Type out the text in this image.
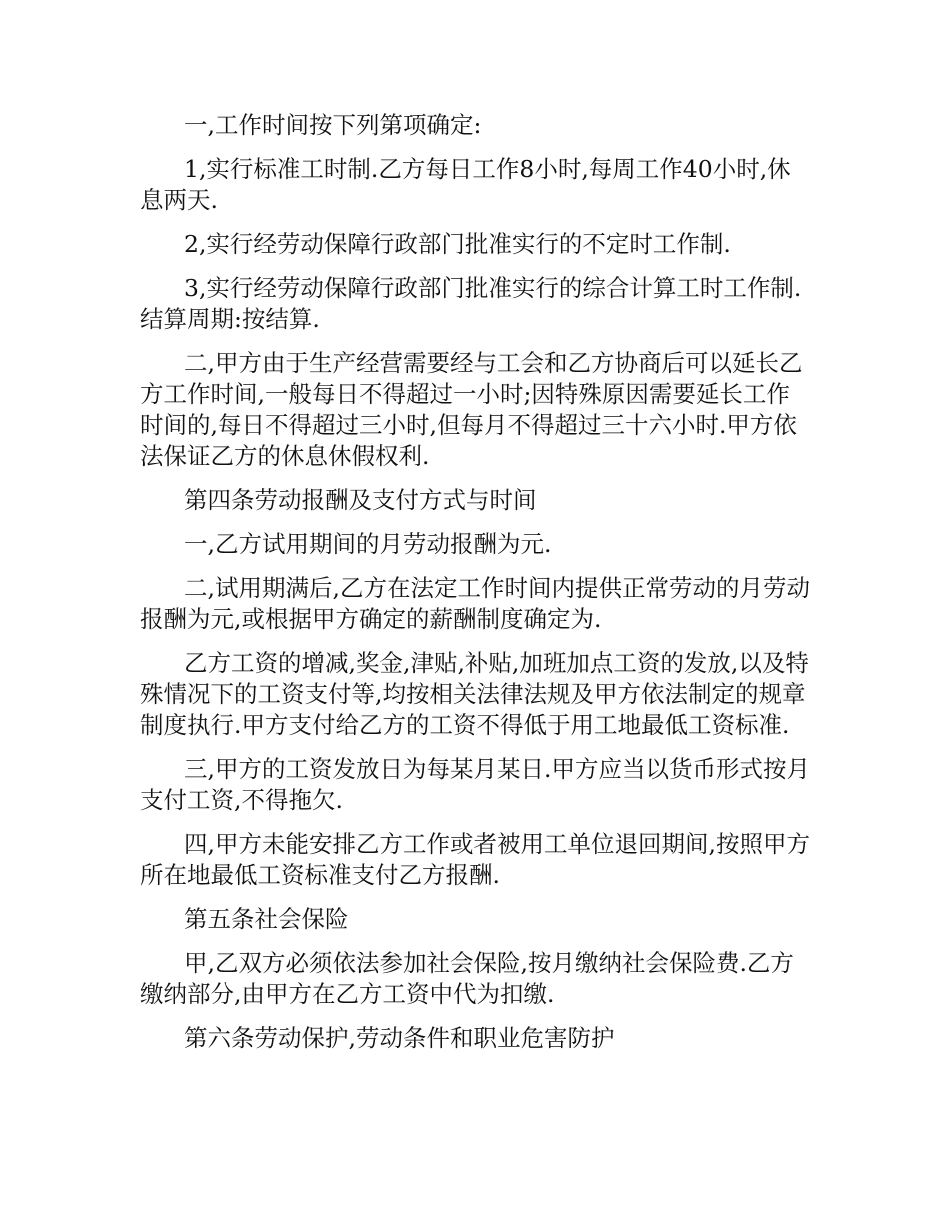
一,工作时间按下列第项确定:

1,实行标准工时制.乙方每日工作8小时,每周工作40小时,休息两天.

2,实行经劳动保障行政部门批准实行的不定时工作制.

3,实行经劳动保障行政部门批准实行的综合计算工时工作制.结算周期:按结算.

二,甲方由于生产经营需要经与工会和乙方协商后可以延长乙方工作时间,一般每日不得超过一小时;因特殊原因需要延长工作时间的,每日不得超过三小时,但每月不得超过三十六小时.甲方依法保证乙方的休息休假权利.

第四条劳动报酬及支付方式与时间

一,乙方试用期间的月劳动报酬为元.

二,试用期满后,乙方在法定工作时间内提供正常劳动的月劳动报酬为元,或根据甲方确定的薪酬制度确定为.

乙方工资的增减,奖金,津贴,补贴,加班加点工资的发放,以及特殊情况下的工资支付等,均按相关法律法规及甲方依法制定的规章制度执行.甲方支付给乙方的工资不得低于用工地最低工资标准.

三,甲方的工资发放日为每某月某日.甲方应当以货币形式按月支付工资,不得拖欠.

四,甲方未能安排乙方工作或者被用工单位退回期间,按照甲方所在地最低工资标准支付乙方报酬.

第五条社会保险

甲,乙双方必须依法参加社会保险,按月缴纳社会保险费.乙方缴纳部分,由甲方在乙方工资中代为扣缴.

第六条劳动保护,劳动条件和职业危害防护
